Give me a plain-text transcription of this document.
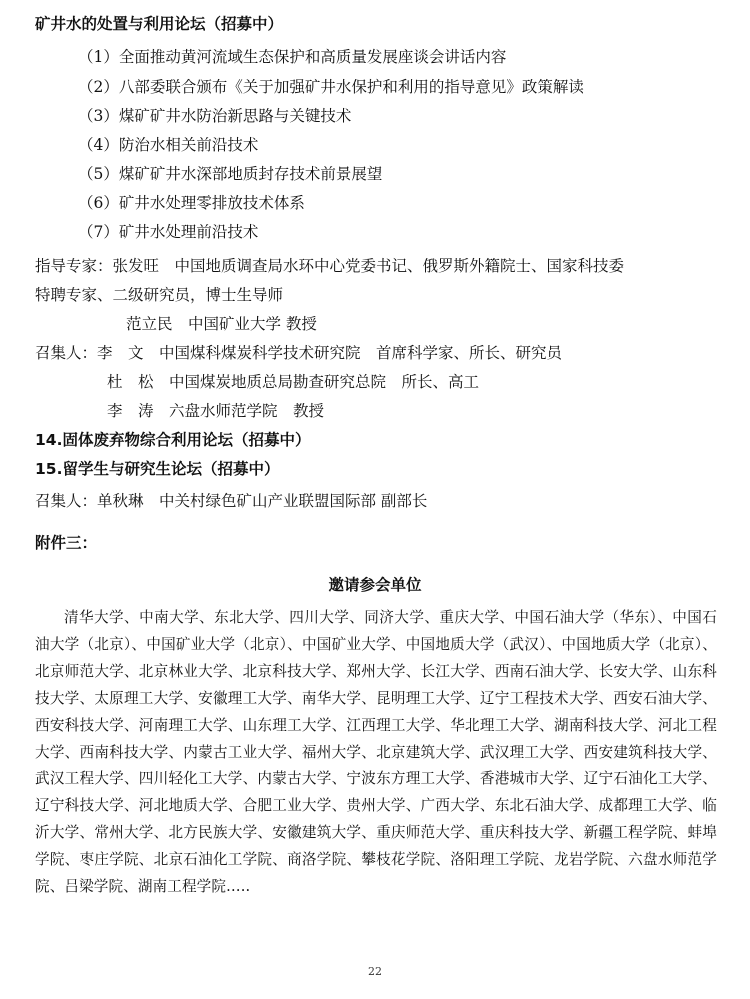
矿井水的处置与利用论坛（招募中）
（1）全面推动黄河流域生态保护和高质量发展座谈会讲话内容
（2）八部委联合颁布《关于加强矿井水保护和利用的指导意见》政策解读
（3）煤矿矿井水防治新思路与关键技术
（4）防治水相关前沿技术
（5）煤矿矿井水深部地质封存技术前景展望
（6）矿井水处理零排放技术体系
（7）矿井水处理前沿技术
指导专家：张发旺　中国地质调查局水环中心党委书记、俄罗斯外籍院士、国家科技委
特聘专家、二级研究员，博士生导师
范立民　中国矿业大学 教授
召集人：李　文　中国煤科煤炭科学技术研究院　首席科学家、所长、研究员
杜　松　中国煤炭地质总局勘查研究总院　所长、高工
李　涛　六盘水师范学院　教授
14.固体废弃物综合利用论坛（招募中）
15.留学生与研究生论坛（招募中）
召集人：单秋琳　中关村绿色矿山产业联盟国际部 副部长
附件三：
邀请参会单位
清华大学、中南大学、东北大学、四川大学、同济大学、重庆大学、中国石油大学（华东）、中国石油大学（北京）、中国矿业大学（北京）、中国矿业大学、中国地质大学（武汉）、中国地质大学（北京）、北京师范大学、北京林业大学、北京科技大学、郑州大学、长江大学、西南石油大学、长安大学、山东科技大学、太原理工大学、安徽理工大学、南华大学、昆明理工大学、辽宁工程技术大学、西安石油大学、西安科技大学、河南理工大学、山东理工大学、江西理工大学、华北理工大学、湖南科技大学、河北工程大学、西南科技大学、内蒙古工业大学、福州大学、北京建筑大学、武汉理工大学、西安建筑科技大学、武汉工程大学、四川轻化工大学、内蒙古大学、宁波东方理工大学、香港城市大学、辽宁石油化工大学、辽宁科技大学、河北地质大学、合肥工业大学、贵州大学、广西大学、东北石油大学、成都理工大学、临沂大学、常州大学、北方民族大学、安徽建筑大学、重庆师范大学、重庆科技大学、新疆工程学院、蚌埠学院、枣庄学院、北京石油化工学院、商洛学院、攀枝花学院、洛阳理工学院、龙岩学院、六盘水师范学院、吕梁学院、湖南工程学院…..
22
